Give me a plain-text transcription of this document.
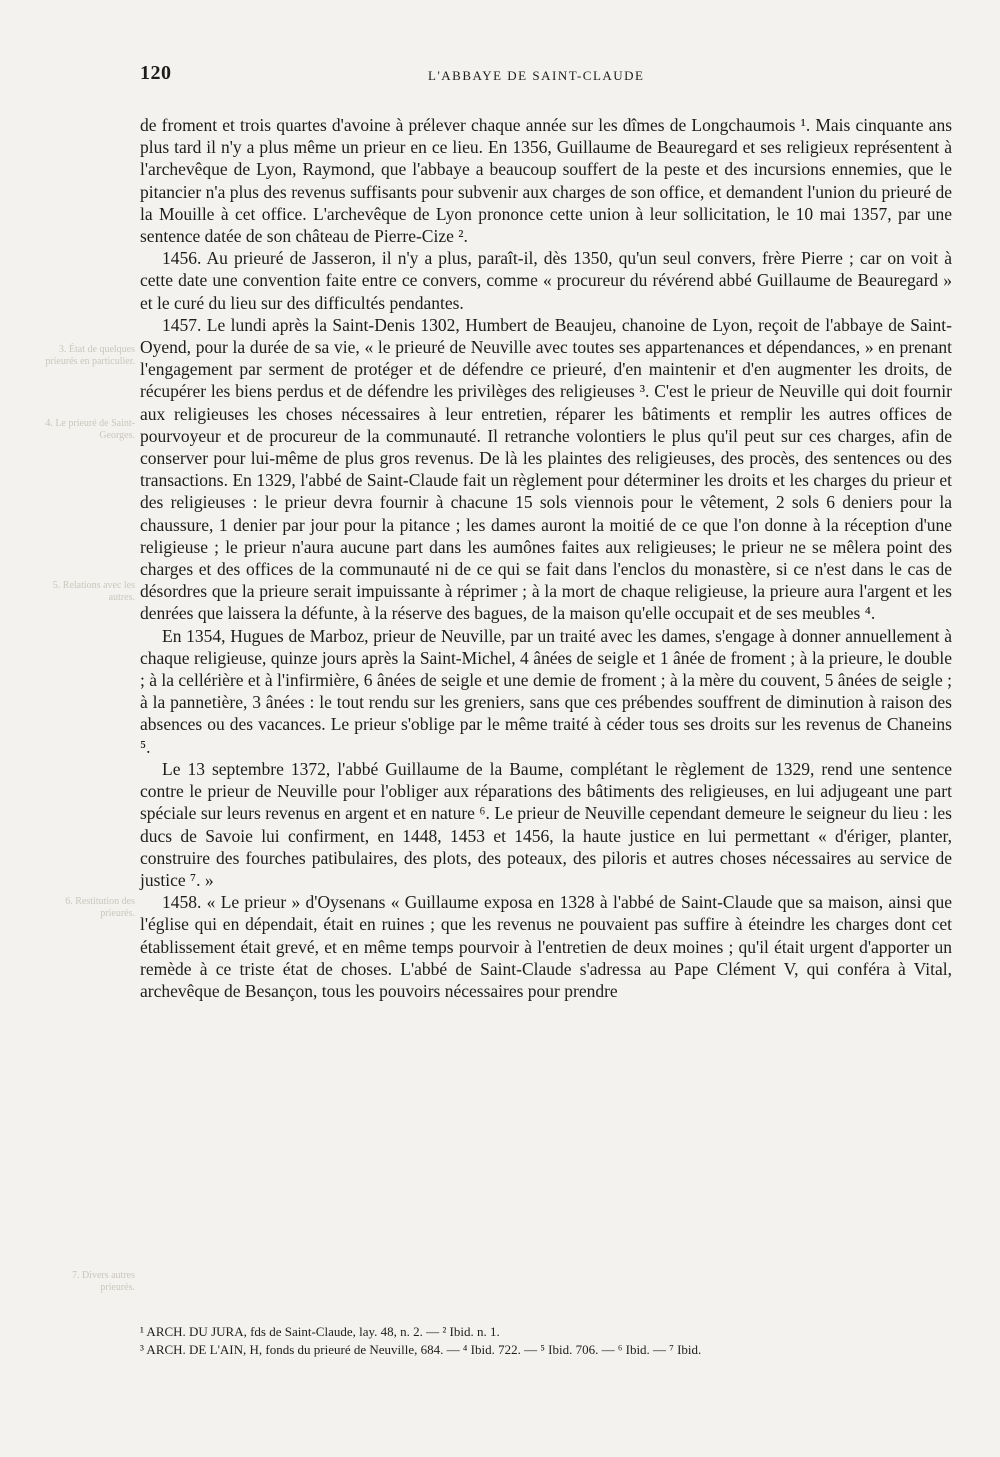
120	L'ABBAYE DE SAINT-CLAUDE
3. État de quelques prieurés en particulier.
4. Le prieuré de Saint-Georges.
5. Relations avec les autres.
6. Restitution des prieurés.
7. Divers autres prieurés.

de froment et trois quartes d'avoine à prélever chaque année sur les dîmes de Longchaumois ¹. Mais cinquante ans plus tard il n'y a plus même un prieur en ce lieu. En 1356, Guillaume de Beauregard et ses religieux représentent à l'archevêque de Lyon, Raymond, que l'abbaye a beaucoup souffert de la peste et des incursions ennemies, que le pitancier n'a plus des revenus suffisants pour subvenir aux charges de son office, et demandent l'union du prieuré de la Mouille à cet office. L'archevêque de Lyon prononce cette union à leur sollicitation, le 10 mai 1357, par une sentence datée de son château de Pierre-Cize ².

1456. Au prieuré de Jasseron, il n'y a plus, paraît-il, dès 1350, qu'un seul convers, frère Pierre ; car on voit à cette date une convention faite entre ce convers, comme « procureur du révérend abbé Guillaume de Beauregard » et le curé du lieu sur des difficultés pendantes.

1457. Le lundi après la Saint-Denis 1302, Humbert de Beaujeu, chanoine de Lyon, reçoit de l'abbaye de Saint-Oyend, pour la durée de sa vie, « le prieuré de Neuville avec toutes ses appartenances et dépendances, » en prenant l'engagement par serment de protéger et de défendre ce prieuré, d'en maintenir et d'en augmenter les droits, de récupérer les biens perdus et de défendre les privilèges des religieuses ³. C'est le prieur de Neuville qui doit fournir aux religieuses les choses nécessaires à leur entretien, réparer les bâtiments et remplir les autres offices de pourvoyeur et de procureur de la communauté. Il retranche volontiers le plus qu'il peut sur ces charges, afin de conserver pour lui-même de plus gros revenus. De là les plaintes des religieuses, des procès, des sentences ou des transactions. En 1329, l'abbé de Saint-Claude fait un règlement pour déterminer les droits et les charges du prieur et des religieuses : le prieur devra fournir à chacune 15 sols viennois pour le vêtement, 2 sols 6 deniers pour la chaussure, 1 denier par jour pour la pitance ; les dames auront la moitié de ce que l'on donne à la réception d'une religieuse ; le prieur n'aura aucune part dans les aumônes faites aux religieuses; le prieur ne se mêlera point des charges et des offices de la communauté ni de ce qui se fait dans l'enclos du monastère, si ce n'est dans le cas de désordres que la prieure serait impuissante à réprimer ; à la mort de chaque religieuse, la prieure aura l'argent et les denrées que laissera la défunte, à la réserve des bagues, de la maison qu'elle occupait et de ses meubles ⁴.

En 1354, Hugues de Marboz, prieur de Neuville, par un traité avec les dames, s'engage à donner annuellement à chaque religieuse, quinze jours après la Saint-Michel, 4 ânées de seigle et 1 ânée de froment ; à la prieure, le double ; à la cellérière et à l'infirmière, 6 ânées de seigle et une demie de froment ; à la mère du couvent, 5 ânées de seigle ; à la pannetière, 3 ânées : le tout rendu sur les greniers, sans que ces prébendes souffrent de diminution à raison des absences ou des vacances. Le prieur s'oblige par le même traité à céder tous ses droits sur les revenus de Chaneins ⁵.

Le 13 septembre 1372, l'abbé Guillaume de la Baume, complétant le règlement de 1329, rend une sentence contre le prieur de Neuville pour l'obliger aux réparations des bâtiments des religieuses, en lui adjugeant une part spéciale sur leurs revenus en argent et en nature ⁶. Le prieur de Neuville cependant demeure le seigneur du lieu : les ducs de Savoie lui confirment, en 1448, 1453 et 1456, la haute justice en lui permettant « d'ériger, planter, construire des fourches patibulaires, des plots, des poteaux, des piloris et autres choses nécessaires au service de justice ⁷. »

1458. « Le prieur » d'Oysenans « Guillaume exposa en 1328 à l'abbé de Saint-Claude que sa maison, ainsi que l'église qui en dépendait, était en ruines ; que les revenus ne pouvaient pas suffire à éteindre les charges dont cet établissement était grevé, et en même temps pourvoir à l'entretien de deux moines ; qu'il était urgent d'apporter un remède à ce triste état de choses. L'abbé de Saint-Claude s'adressa au Pape Clément V, qui conféra à Vital, archevêque de Besançon, tous les pouvoirs nécessaires pour prendre

¹ ARCH. DU JURA, fds de Saint-Claude, lay. 48, n. 2. — ² Ibid. n. 1.
³ ARCH. DE L'AIN, H, fonds du prieuré de Neuville, 684. — ⁴ Ibid. 722. — ⁵ Ibid. 706. — ⁶ Ibid. — ⁷ Ibid.
